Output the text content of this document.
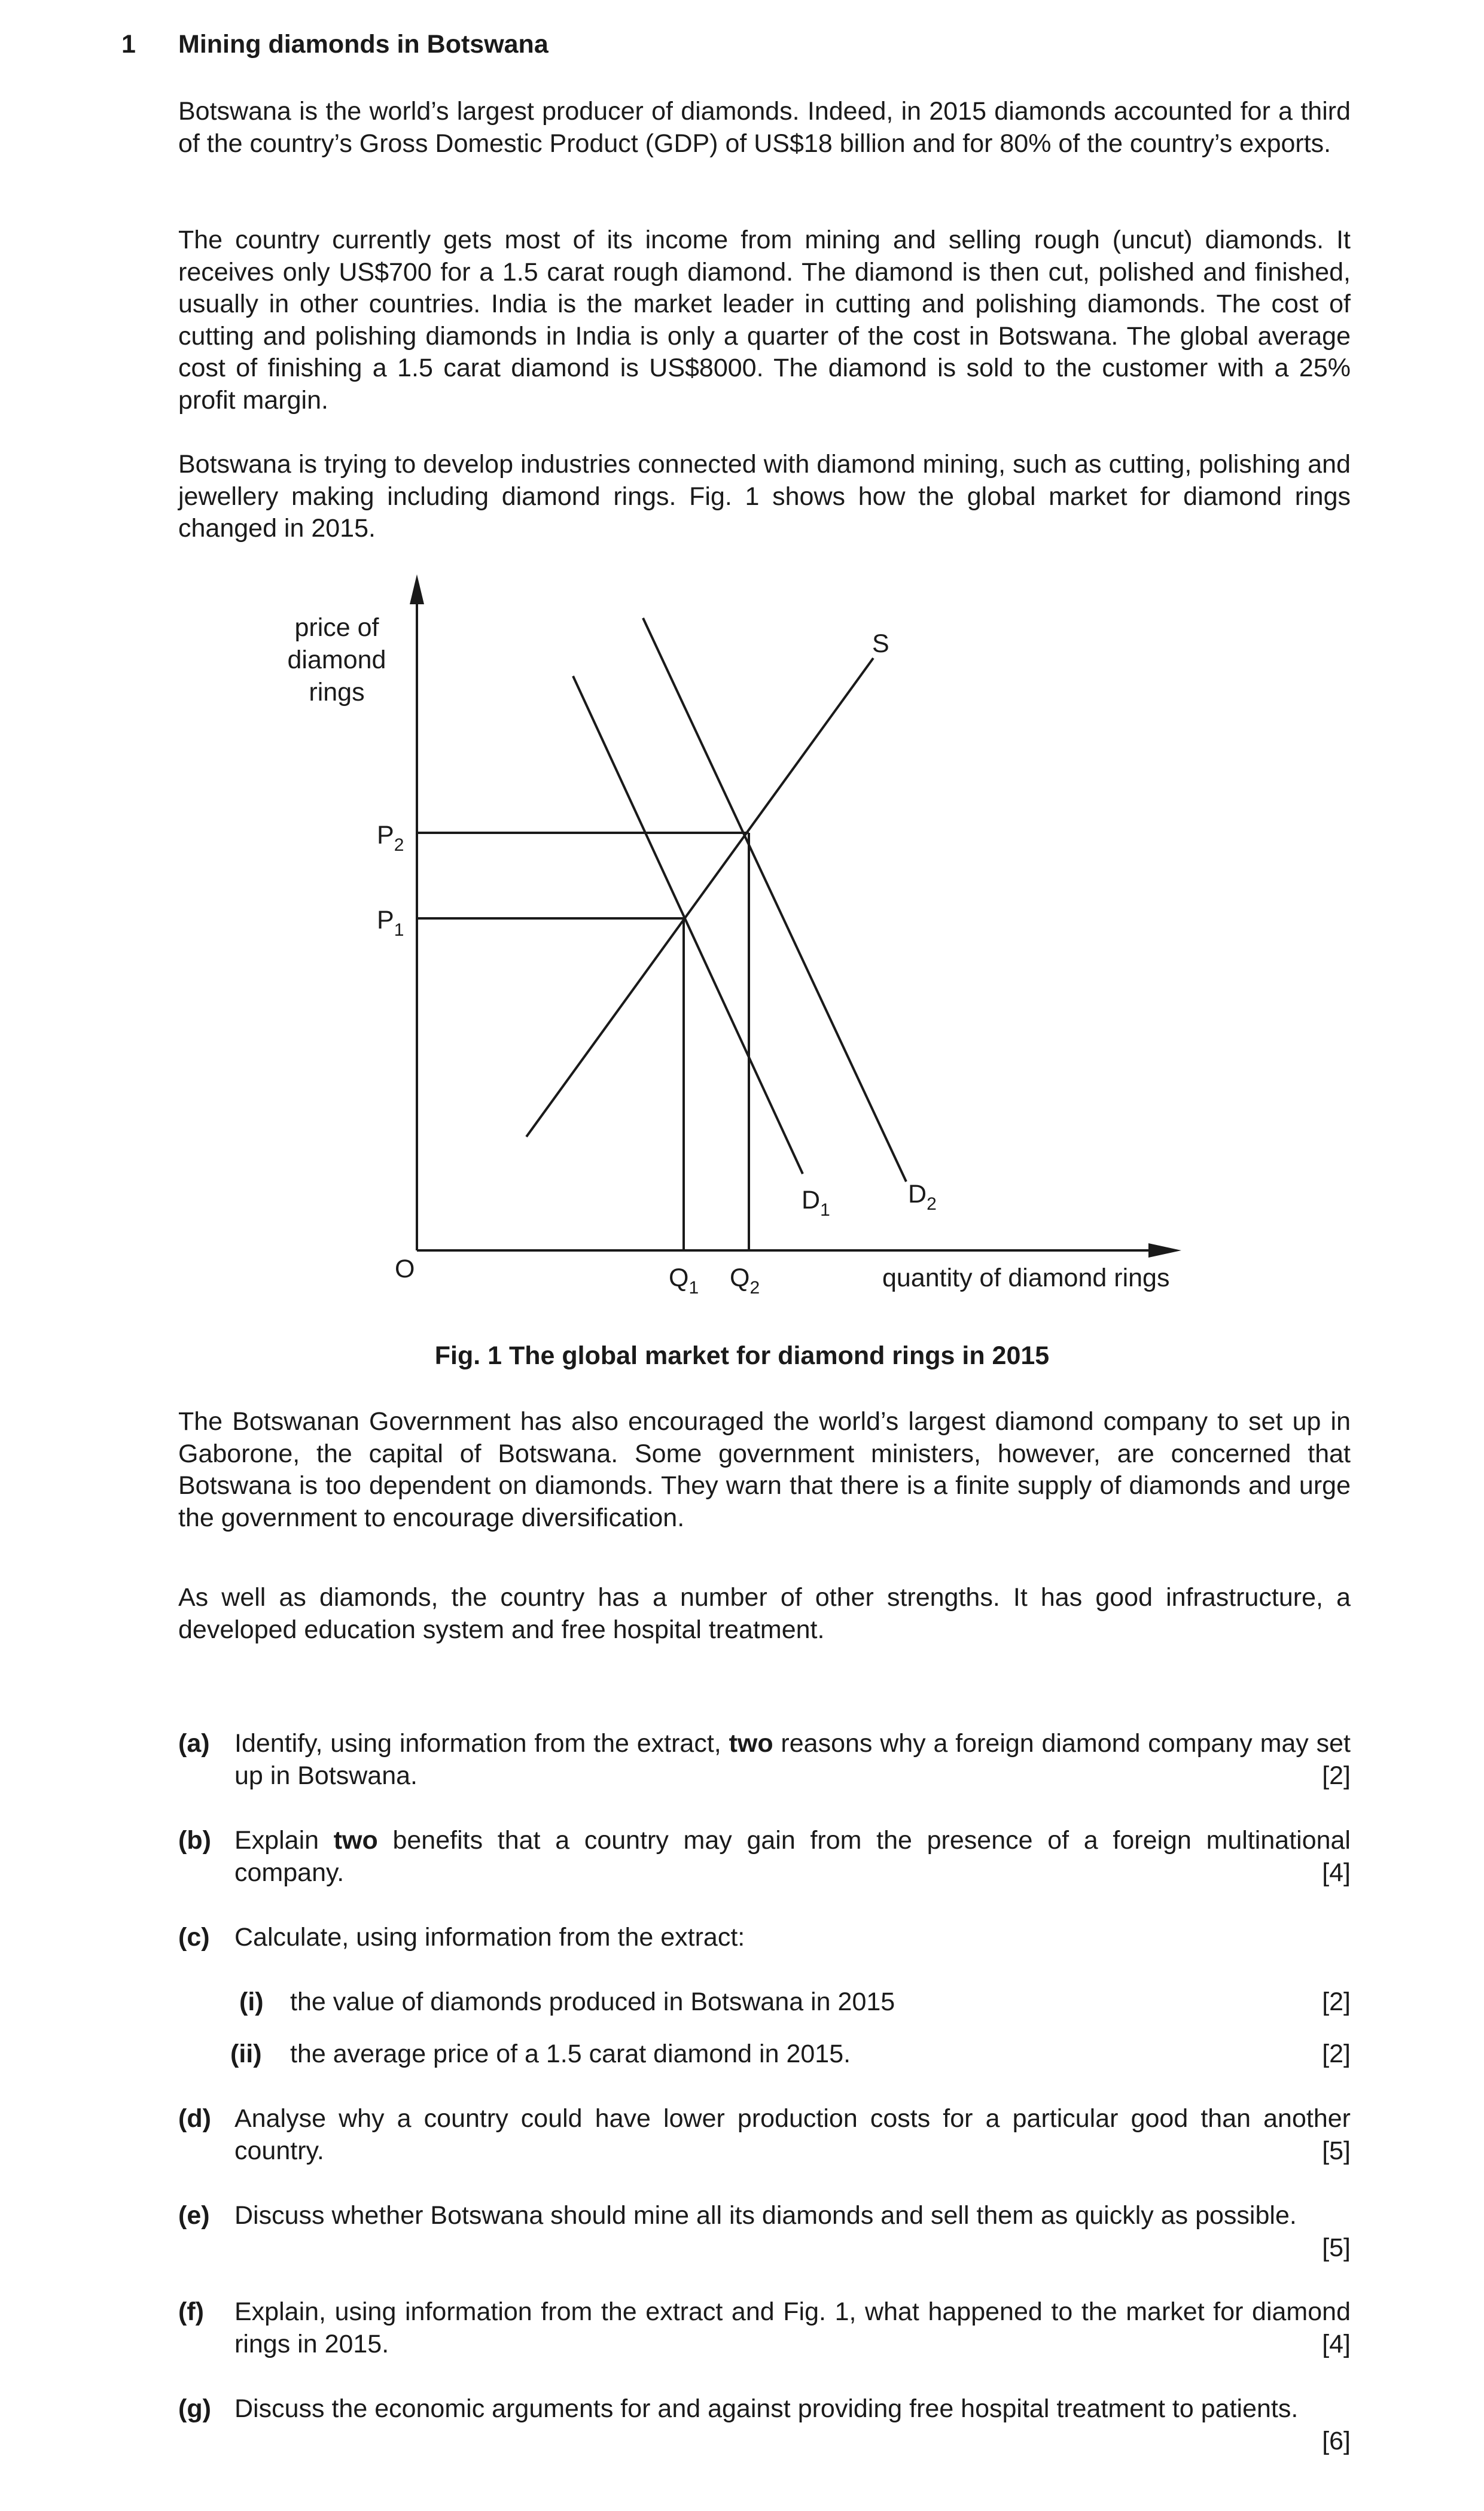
1 Mining diamonds in Botswana

Botswana is the world’s largest producer of diamonds. Indeed, in 2015 diamonds accounted for a third of the country’s Gross Domestic Product (GDP) of US$18 billion and for 80% of the country’s exports.

The country currently gets most of its income from mining and selling rough (uncut) diamonds. It receives only US$700 for a 1.5 carat rough diamond. The diamond is then cut, polished and finished, usually in other countries. India is the market leader in cutting and polishing diamonds. The cost of cutting and polishing diamonds in India is only a quarter of the cost in Botswana. The global average cost of finishing a 1.5 carat diamond is US$8000. The diamond is sold to the customer with a 25% profit margin.

Botswana is trying to develop industries connected with diamond mining, such as cutting, polishing and jewellery making including diamond rings. Fig. 1 shows how the global market for diamond rings changed in 2015.

price of
diamond
rings
$P_2$
$P_1$
O	$Q_1$ $Q_2$	quantity of diamond rings
S
$D_1$
$D_2$
Fig. 1 The global market for diamond rings in 2015

The Botswanan Government has also encouraged the world’s largest diamond company to set up in Gaborone, the capital of Botswana. Some government ministers, however, are concerned that Botswana is too dependent on diamonds. They warn that there is a finite supply of diamonds and urge the government to encourage diversification.

As well as diamonds, the country has a number of other strengths. It has good infrastructure, a developed education system and free hospital treatment.

(a) Identify, using information from the extract, two reasons why a foreign diamond company may set up in Botswana.	[2]
(b) Explain two benefits that a country may gain from the presence of a foreign multinational company.	[4]
(c) Calculate, using information from the extract:
(i) the value of diamonds produced in Botswana in 2015	[2]
(ii) the average price of a 1.5 carat diamond in 2015.	[2]
(d) Analyse why a country could have lower production costs for a particular good than another country.	[5]
(e) Discuss whether Botswana should mine all its diamonds and sell them as quickly as possible.
[5]
(f) Explain, using information from the extract and Fig. 1, what happened to the market for diamond rings in 2015.	[4]
(g) Discuss the economic arguments for and against providing free hospital treatment to patients.
[6]
